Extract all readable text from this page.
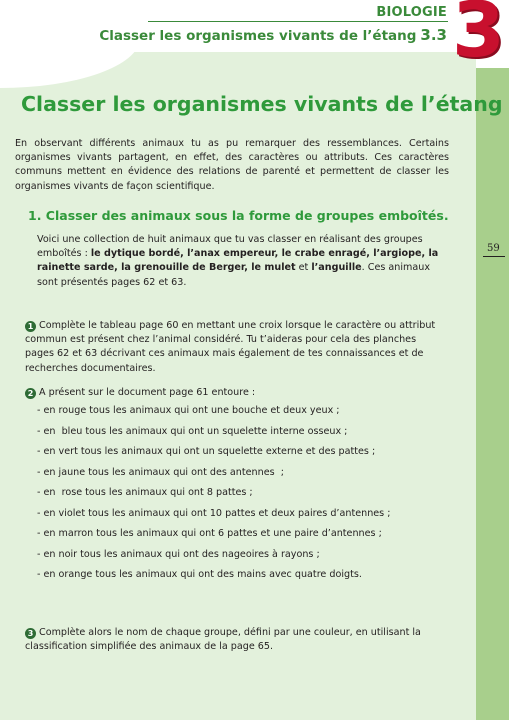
BIOLOGIE
Classer les organismes vivants de l’étang 3.3 3
59
Classer les organismes vivants de l’étang

En observant différents animaux tu as pu remarquer des ressemblances. Certains organismes vivants partagent, en effet, des caractères ou attributs. Ces caractères communs mettent en évidence des relations de parenté et permettent de classer les organismes vivants de façon scientifique.

1. Classer des animaux sous la forme de groupes emboîtés.

Voici une collection de huit animaux que tu vas classer en réalisant des groupes emboîtés : le dytique bordé, l’anax empereur, le crabe enragé, l’argiope, la rainette sarde, la grenouille de Berger, le mulet et l’anguille. Ces animaux sont présentés pages 62 et 63.

1 Complète le tableau page 60 en mettant une croix lorsque le caractère ou attribut commun est présent chez l’animal considéré. Tu t’aideras pour cela des planches pages 62 et 63 décrivant ces animaux mais également de tes connaissances et de recherches documentaires.

2 A présent sur le document page 61 entoure :

- en rouge tous les animaux qui ont une bouche et deux yeux ;
- en  bleu tous les animaux qui ont un squelette interne osseux ;
- en vert tous les animaux qui ont un squelette externe et des pattes ;
- en jaune tous les animaux qui ont des antennes  ;
- en  rose tous les animaux qui ont 8 pattes ;
- en violet tous les animaux qui ont 10 pattes et deux paires d’antennes ;
- en marron tous les animaux qui ont 6 pattes et une paire d’antennes ;
- en noir tous les animaux qui ont des nageoires à rayons ;
- en orange tous les animaux qui ont des mains avec quatre doigts.

3 Complète alors le nom de chaque groupe, défini par une couleur, en utilisant la classification simplifiée des animaux de la page 65.
